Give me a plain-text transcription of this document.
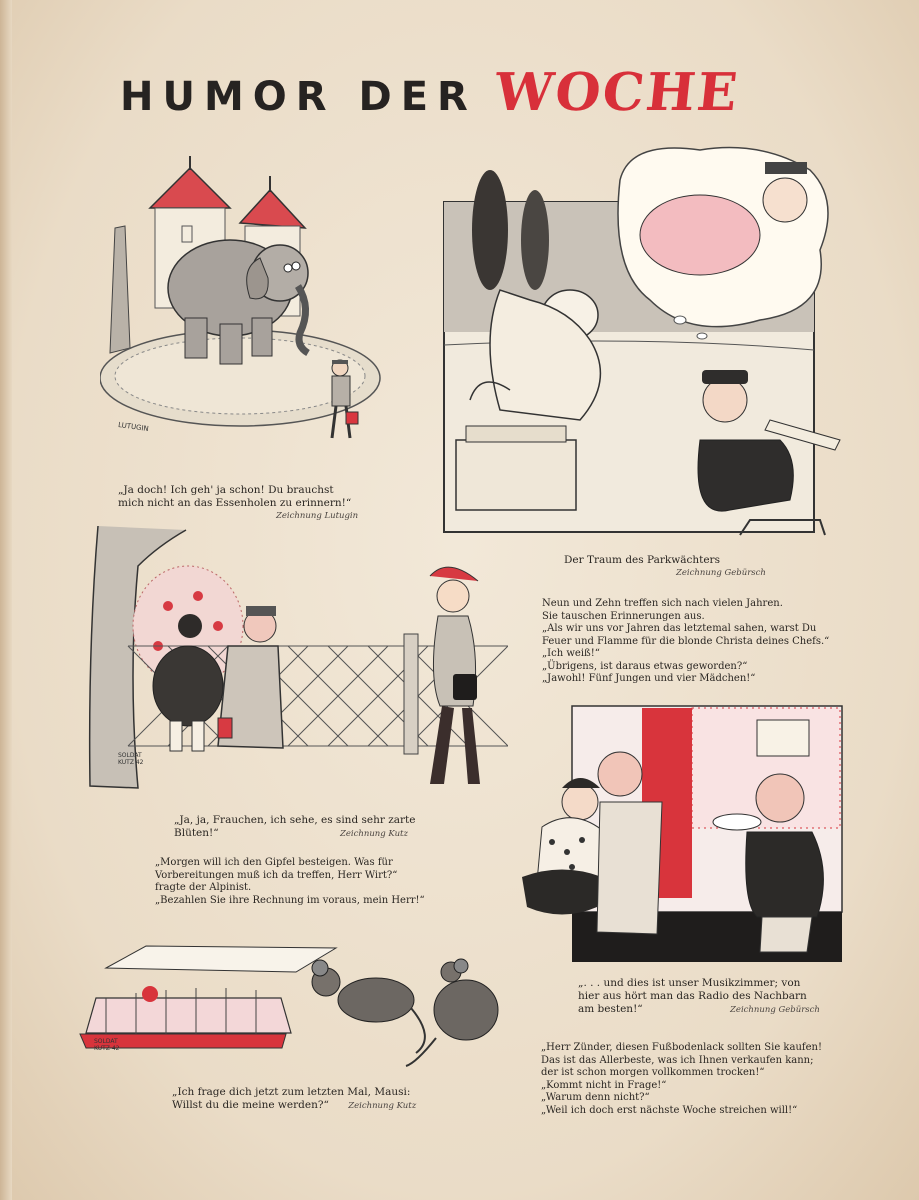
HUMOR DER WOCHE
LUTUGIN
„Ja doch! Ich geh' ja schon! Du brauchst
mich nicht an das Essenholen zu erinnern!“
Zeichnung Lutugin
Der Traum des Parkwächters
Zeichnung Gebürsch
SOLDAT KUTZ 42
„Ja, ja, Frauchen, ich sehe, es sind sehr zarte
Blüten!“	Zeichnung Kutz
Neun und Zehn treffen sich nach vielen Jahren.
Sie tauschen Erinnerungen aus.
„Als wir uns vor Jahren das letztemal sahen, warst Du
Feuer und Flamme für die blonde Christa deines Chefs.“
„Ich weiß!“
„Übrigens, ist daraus etwas geworden?“
„Jawohl! Fünf Jungen und vier Mädchen!“
„Morgen will ich den Gipfel besteigen. Was für
Vorbereitungen muß ich da treffen, Herr Wirt?“
fragte der Alpinist.
„Bezahlen Sie ihre Rechnung im voraus, mein Herr!“
„. . . und dies ist unser Musikzimmer; von
hier aus hört man das Radio des Nachbarn
am besten!“	Zeichnung Gebürsch
SOLDAT KUTZ 42
„Ich frage dich jetzt zum letzten Mal, Mausi:
Willst du die meine werden?“ Zeichnung Kutz
„Herr Zünder, diesen Fußbodenlack sollten Sie kaufen!
Das ist das Allerbeste, was ich Ihnen verkaufen kann;
der ist schon morgen vollkommen trocken!“
„Kommt nicht in Frage!“
„Warum denn nicht?“
„Weil ich doch erst nächste Woche streichen will!“
